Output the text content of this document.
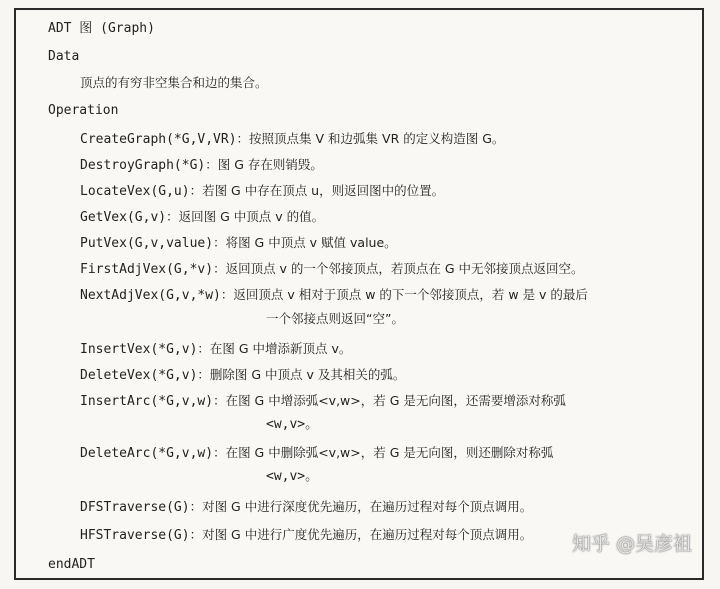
ADT 图 (Graph)
Data
顶点的有穷非空集合和边的集合。
Operation
CreateGraph(*G,V,VR)：按照顶点集 V 和边弧集 VR 的定义构造图 G。
DestroyGraph(*G)：图 G 存在则销毁。
LocateVex(G,u)：若图 G 中存在顶点 u，则返回图中的位置。
GetVex(G,v)：返回图 G 中顶点 v 的值。
PutVex(G,v,value)：将图 G 中顶点 v 赋值 value。
FirstAdjVex(G,*v)：返回顶点 v 的一个邻接顶点，若顶点在 G 中无邻接顶点返回空。
NextAdjVex(G,v,*w)：返回顶点 v 相对于顶点 w 的下一个邻接顶点，若 w 是 v 的最后
一个邻接点则返回“空”。
InsertVex(*G,v)：在图 G 中增添新顶点 v。
DeleteVex(*G,v)：删除图 G 中顶点 v 及其相关的弧。
InsertArc(*G,v,w)：在图 G 中增添弧<v,w>，若 G 是无向图，还需要增添对称弧
<w,v>。
DeleteArc(*G,v,w)：在图 G 中删除弧<v,w>，若 G 是无向图，则还删除对称弧
<w,v>。
DFSTraverse(G)：对图 G 中进行深度优先遍历，在遍历过程对每个顶点调用。
HFSTraverse(G)：对图 G 中进行广度优先遍历，在遍历过程对每个顶点调用。
endADT
知乎 @吴彦祖
